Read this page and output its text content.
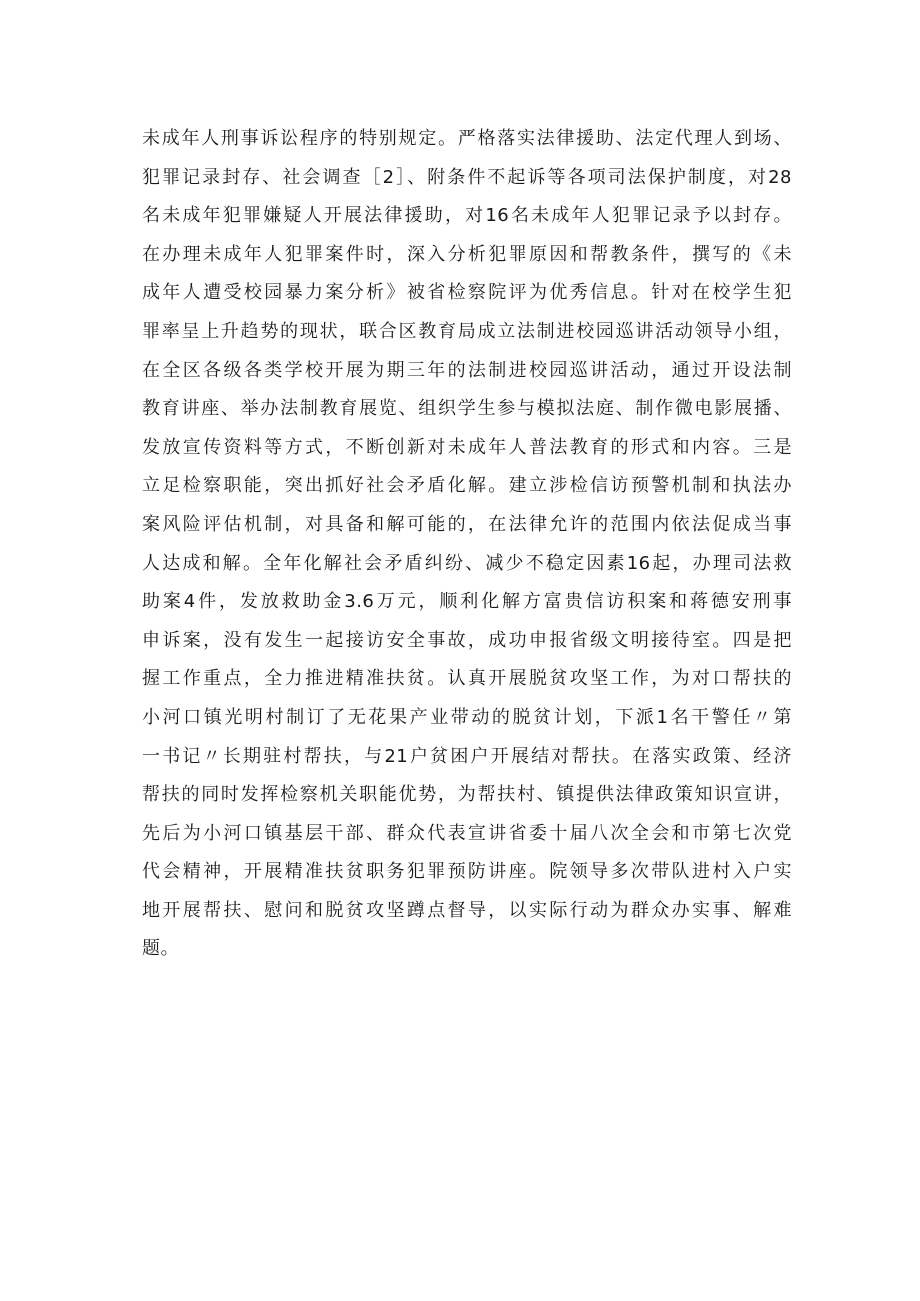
未成年人刑事诉讼程序的特别规定。严格落实法律援助、法定代理人到场、
犯罪记录封存、社会调查［2］、附条件不起诉等各项司法保护制度，对28
名未成年犯罪嫌疑人开展法律援助，对16名未成年人犯罪记录予以封存。
在办理未成年人犯罪案件时，深入分析犯罪原因和帮教条件，撰写的《未
成年人遭受校园暴力案分析》被省检察院评为优秀信息。针对在校学生犯
罪率呈上升趋势的现状，联合区教育局成立法制进校园巡讲活动领导小组，
在全区各级各类学校开展为期三年的法制进校园巡讲活动，通过开设法制
教育讲座、举办法制教育展览、组织学生参与模拟法庭、制作微电影展播、
发放宣传资料等方式，不断创新对未成年人普法教育的形式和内容。三是
立足检察职能，突出抓好社会矛盾化解。建立涉检信访预警机制和执法办
案风险评估机制，对具备和解可能的，在法律允许的范围内依法促成当事
人达成和解。全年化解社会矛盾纠纷、减少不稳定因素16起，办理司法救
助案4件，发放救助金3.6万元，顺利化解方富贵信访积案和蒋德安刑事
申诉案，没有发生一起接访安全事故，成功申报省级文明接待室。四是把
握工作重点，全力推进精准扶贫。认真开展脱贫攻坚工作，为对口帮扶的
小河口镇光明村制订了无花果产业带动的脱贫计划，下派1名干警任〃第
一书记〃长期驻村帮扶，与21户贫困户开展结对帮扶。在落实政策、经济
帮扶的同时发挥检察机关职能优势，为帮扶村、镇提供法律政策知识宣讲，
先后为小河口镇基层干部、群众代表宣讲省委十届八次全会和市第七次党
代会精神，开展精准扶贫职务犯罪预防讲座。院领导多次带队进村入户实
地开展帮扶、慰问和脱贫攻坚蹲点督导，以实际行动为群众办实事、解难
题。
